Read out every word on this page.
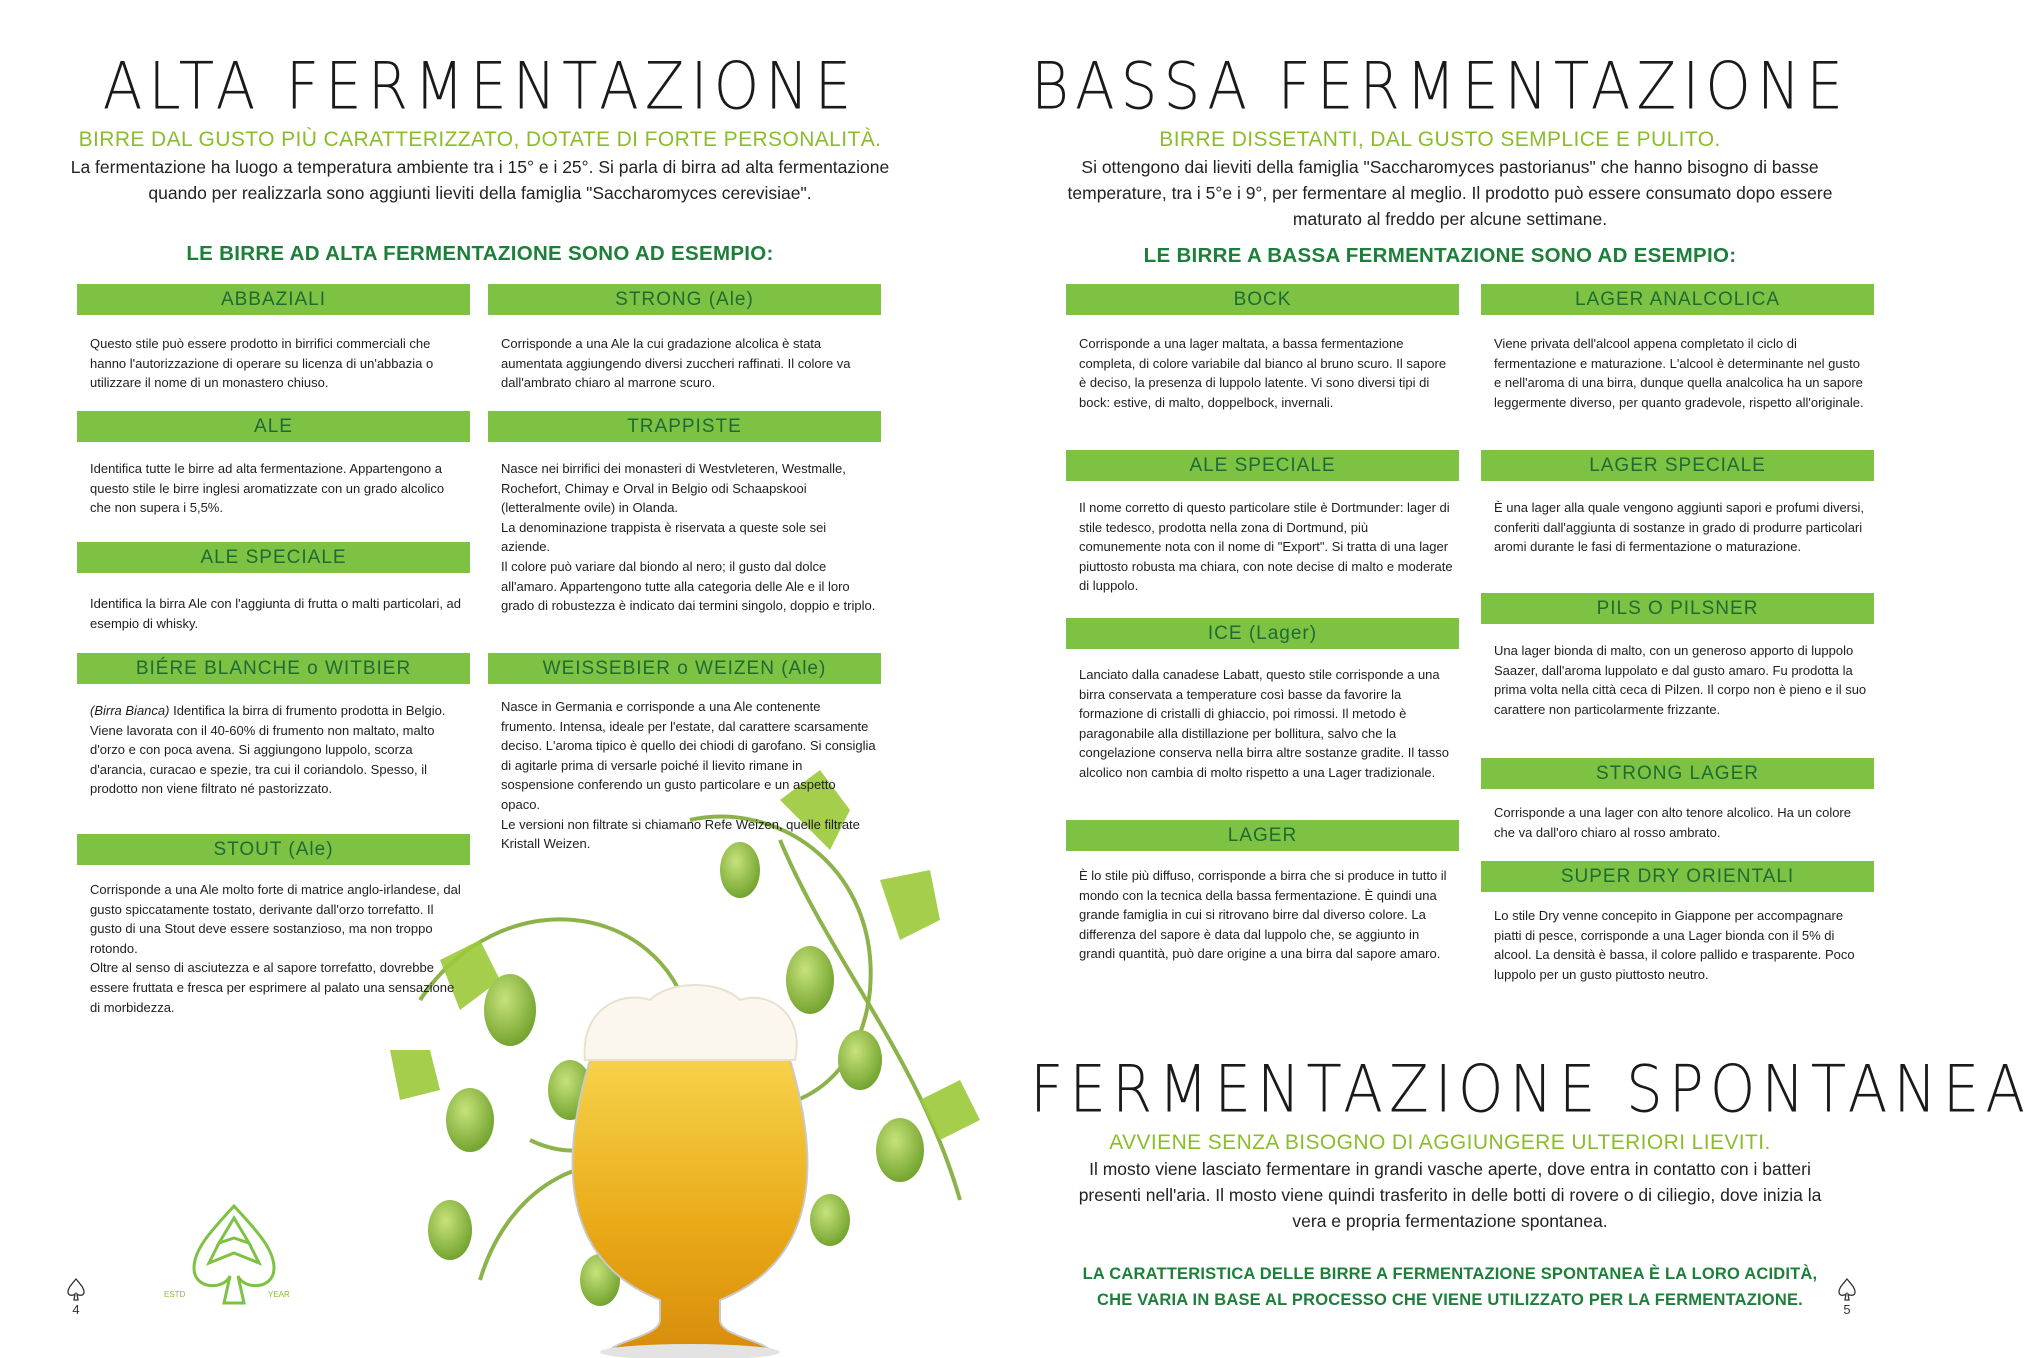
ALTA FERMENTAZIONE
BIRRE DAL GUSTO PIÙ CARATTERIZZATO, DOTATE DI FORTE PERSONALITÀ.
La fermentazione ha luogo a temperatura ambiente tra i 15° e i 25°. Si parla di birra ad alta fermentazione quando per realizzarla sono aggiunti lieviti della famiglia "Saccharomyces cerevisiae".
LE BIRRE AD ALTA FERMENTAZIONE SONO AD ESEMPIO:
ESTD	YEAR
4
ABBAZIALI
Questo stile può essere prodotto in birrifici commerciali che hanno l'autorizzazione di operare su licenza di un'abbazia o utilizzare il nome di un monastero chiuso.
STRONG (Ale)
Corrisponde a una Ale la cui gradazione alcolica è stata aumentata aggiungendo diversi zuccheri raffinati. Il colore va dall'ambrato chiaro al marrone scuro.
ALE
Identifica tutte le birre ad alta fermentazione. Appartengono a questo stile le birre inglesi aromatizzate con un grado alcolico che non supera i 5,5%.
TRAPPISTE
Nasce nei birrifici dei monasteri di Westvleteren, Westmalle, Rochefort, Chimay e Orval in Belgio odi Schaapskooi (letteralmente ovile) in Olanda.
La denominazione trappista è riservata a queste sole sei aziende.
Il colore può variare dal biondo al nero; il gusto dal dolce all'amaro. Appartengono tutte alla categoria delle Ale e il loro grado di robustezza è indicato dai termini singolo, doppio e triplo.
ALE SPECIALE
Identifica la birra Ale con l'aggiunta di frutta o malti particolari, ad esempio di whisky.
BIÉRE BLANCHE o WITBIER
(Birra Bianca) Identifica la birra di frumento prodotta in Belgio. Viene lavorata con il 40-60% di frumento non maltato, malto d'orzo e con poca avena. Si aggiungono luppolo, scorza d'arancia, curacao e spezie, tra cui il coriandolo. Spesso, il prodotto non viene filtrato né pastorizzato.
WEISSEBIER o WEIZEN (Ale)
Nasce in Germania e corrisponde a una Ale contenente frumento. Intensa, ideale per l'estate, dal carattere scarsamente deciso. L'aroma tipico è quello dei chiodi di garofano. Si consiglia di agitarle prima di versarle poiché il lievito rimane in sospensione conferendo un gusto particolare e un aspetto opaco.
Le versioni non filtrate si chiamano Refe Weizen, quelle filtrate Kristall Weizen.
STOUT (Ale)
Corrisponde a una Ale molto forte di matrice anglo-irlandese, dal gusto spiccatamente tostato, derivante dall'orzo torrefatto. Il gusto di una Stout deve essere sostanzioso, ma non troppo rotondo.
Oltre al senso di asciutezza e al sapore torrefatto, dovrebbe essere fruttata e fresca per esprimere al palato una sensazione di morbidezza.
BASSA FERMENTAZIONE
BIRRE DISSETANTI, DAL GUSTO SEMPLICE E PULITO.
Si ottengono dai lieviti della famiglia "Saccharomyces pastorianus" che hanno bisogno di basse temperature, tra i 5°e i 9°, per fermentare al meglio. Il prodotto può essere consumato dopo essere maturato al freddo per alcune settimane.
LE BIRRE A BASSA FERMENTAZIONE SONO AD ESEMPIO:
BOCK
Corrisponde a una lager maltata, a bassa fermentazione completa, di colore variabile dal bianco al bruno scuro. Il sapore è deciso, la presenza di luppolo latente. Vi sono diversi tipi di bock: estive, di malto, doppelbock, invernali.
LAGER ANALCOLICA
Viene privata dell'alcool appena completato il ciclo di fermentazione e maturazione. L'alcool è determinante nel gusto e nell'aroma di una birra, dunque quella analcolica ha un sapore leggermente diverso, per quanto gradevole, rispetto all'originale.
ALE SPECIALE
Il nome corretto di questo particolare stile è Dortmunder: lager di stile tedesco, prodotta nella zona di Dortmund, più comunemente nota con il nome di "Export". Si tratta di una lager piuttosto robusta ma chiara, con note decise di malto e moderate di luppolo.
LAGER SPECIALE
È una lager alla quale vengono aggiunti sapori e profumi diversi, conferiti dall'aggiunta di sostanze in grado di produrre particolari aromi durante le fasi di fermentazione o maturazione.
ICE (Lager)
Lanciato dalla canadese Labatt, questo stile corrisponde a una birra conservata a temperature così basse da favorire la formazione di cristalli di ghiaccio, poi rimossi. Il metodo è paragonabile alla distillazione per bollitura, salvo che la congelazione conserva nella birra altre sostanze gradite. Il tasso alcolico non cambia di molto rispetto a una Lager tradizionale.
PILS O PILSNER
Una lager bionda di malto, con un generoso apporto di luppolo Saazer, dall'aroma luppolato e dal gusto amaro. Fu prodotta la prima volta nella città ceca di Pilzen. Il corpo non è pieno e il suo carattere non particolarmente frizzante.
STRONG LAGER
Corrisponde a una lager con alto tenore alcolico. Ha un colore che va dall'oro chiaro al rosso ambrato.
LAGER
È lo stile più diffuso, corrisponde a birra che si produce in tutto il mondo con la tecnica della bassa fermentazione. È quindi una grande famiglia in cui si ritrovano birre dal diverso colore. La differenza del sapore è data dal luppolo che, se aggiunto in grandi quantità, può dare origine a una birra dal sapore amaro.
SUPER DRY ORIENTALI
Lo stile Dry venne concepito in Giappone per accompagnare piatti di pesce, corrisponde a una Lager bionda con il 5% di alcool. La densità è bassa, il colore pallido e trasparente. Poco luppolo per un gusto piuttosto neutro.
FERMENTAZIONE SPONTANEA
AVVIENE SENZA BISOGNO DI AGGIUNGERE ULTERIORI LIEVITI.
Il mosto viene lasciato fermentare in grandi vasche aperte, dove entra in contatto con i batteri presenti nell'aria. Il mosto viene quindi trasferito in delle botti di rovere o di ciliegio, dove inizia la vera e propria fermentazione spontanea.
LA CARATTERISTICA DELLE BIRRE A FERMENTAZIONE SPONTANEA È LA LORO ACIDITÀ, CHE VARIA IN BASE AL PROCESSO CHE VIENE UTILIZZATO PER LA FERMENTAZIONE.
5
